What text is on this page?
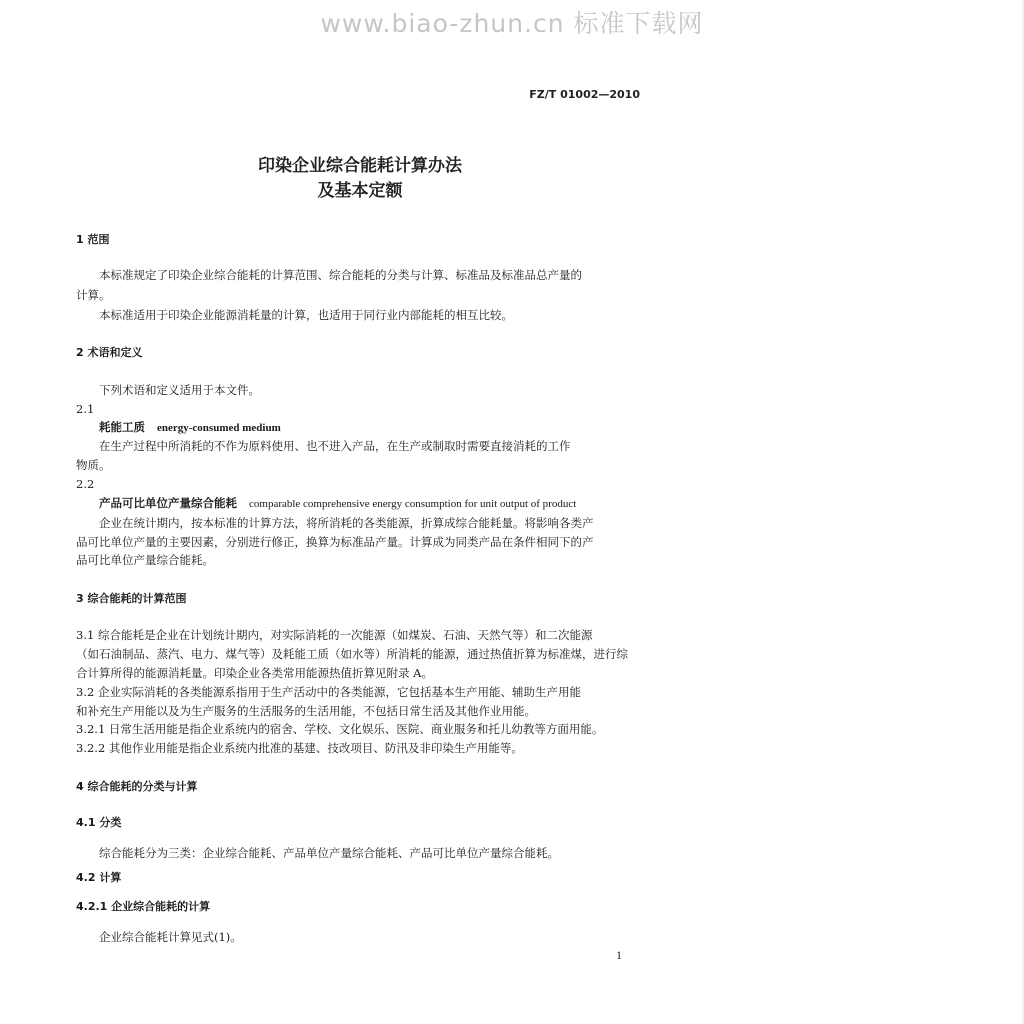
www.biao-zhun.cn 标准下载网
FZ/T 01002—2010
印染企业综合能耗计算办法
及基本定额
1 范围
本标准规定了印染企业综合能耗的计算范围、综合能耗的分类与计算、标准品及标准品总产量的
计算。
本标准适用于印染企业能源消耗量的计算，也适用于同行业内部能耗的相互比较。
2 术语和定义
下列术语和定义适用于本文件。
2.1
耗能工质 energy-consumed medium
在生产过程中所消耗的不作为原料使用、也不进入产品，在生产或制取时需要直接消耗的工作
物质。
2.2
产品可比单位产量综合能耗 comparable comprehensive energy consumption for unit output of product
企业在统计期内，按本标准的计算方法，将所消耗的各类能源，折算成综合能耗量。将影响各类产
品可比单位产量的主要因素，分别进行修正，换算为标准品产量。计算成为同类产品在条件相同下的产
品可比单位产量综合能耗。
3 综合能耗的计算范围
3.1 综合能耗是企业在计划统计期内，对实际消耗的一次能源（如煤炭、石油、天然气等）和二次能源
（如石油制品、蒸汽、电力、煤气等）及耗能工质（如水等）所消耗的能源，通过热值折算为标准煤，进行综
合计算所得的能源消耗量。印染企业各类常用能源热值折算见附录 A。
3.2 企业实际消耗的各类能源系指用于生产活动中的各类能源，它包括基本生产用能、辅助生产用能
和补充生产用能以及为生产服务的生活服务的生活用能，不包括日常生活及其他作业用能。
3.2.1 日常生活用能是指企业系统内的宿舍、学校、文化娱乐、医院、商业服务和托儿幼教等方面用能。
3.2.2 其他作业用能是指企业系统内批准的基建、技改项目、防汛及非印染生产用能等。
4 综合能耗的分类与计算
4.1 分类
综合能耗分为三类：企业综合能耗、产品单位产量综合能耗、产品可比单位产量综合能耗。
4.2 计算
4.2.1 企业综合能耗的计算
企业综合能耗计算见式(1)。
1
